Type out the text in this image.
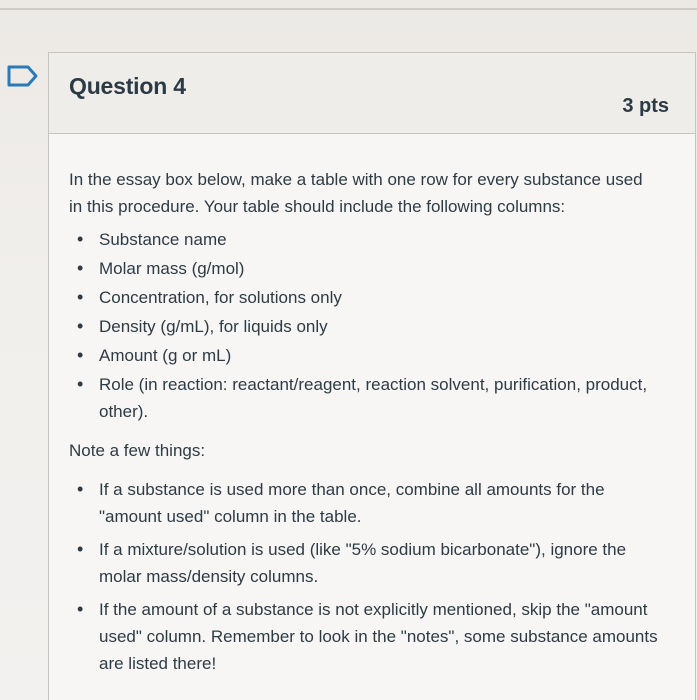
Question 4
3 pts

In the essay box below, make a table with one row for every substance used in this procedure. Your table should include the following columns:

• Substance name
• Molar mass (g/mol)
• Concentration, for solutions only
• Density (g/mL), for liquids only
• Amount (g or mL)
• Role (in reaction: reactant/reagent, reaction solvent, purification, product, other).

Note a few things:

• If a substance is used more than once, combine all amounts for the "amount used" column in the table.
• If a mixture/solution is used (like "5% sodium bicarbonate"), ignore the molar mass/density columns.
• If the amount of a substance is not explicitly mentioned, skip the "amount used" column. Remember to look in the "notes", some substance amounts are listed there!
